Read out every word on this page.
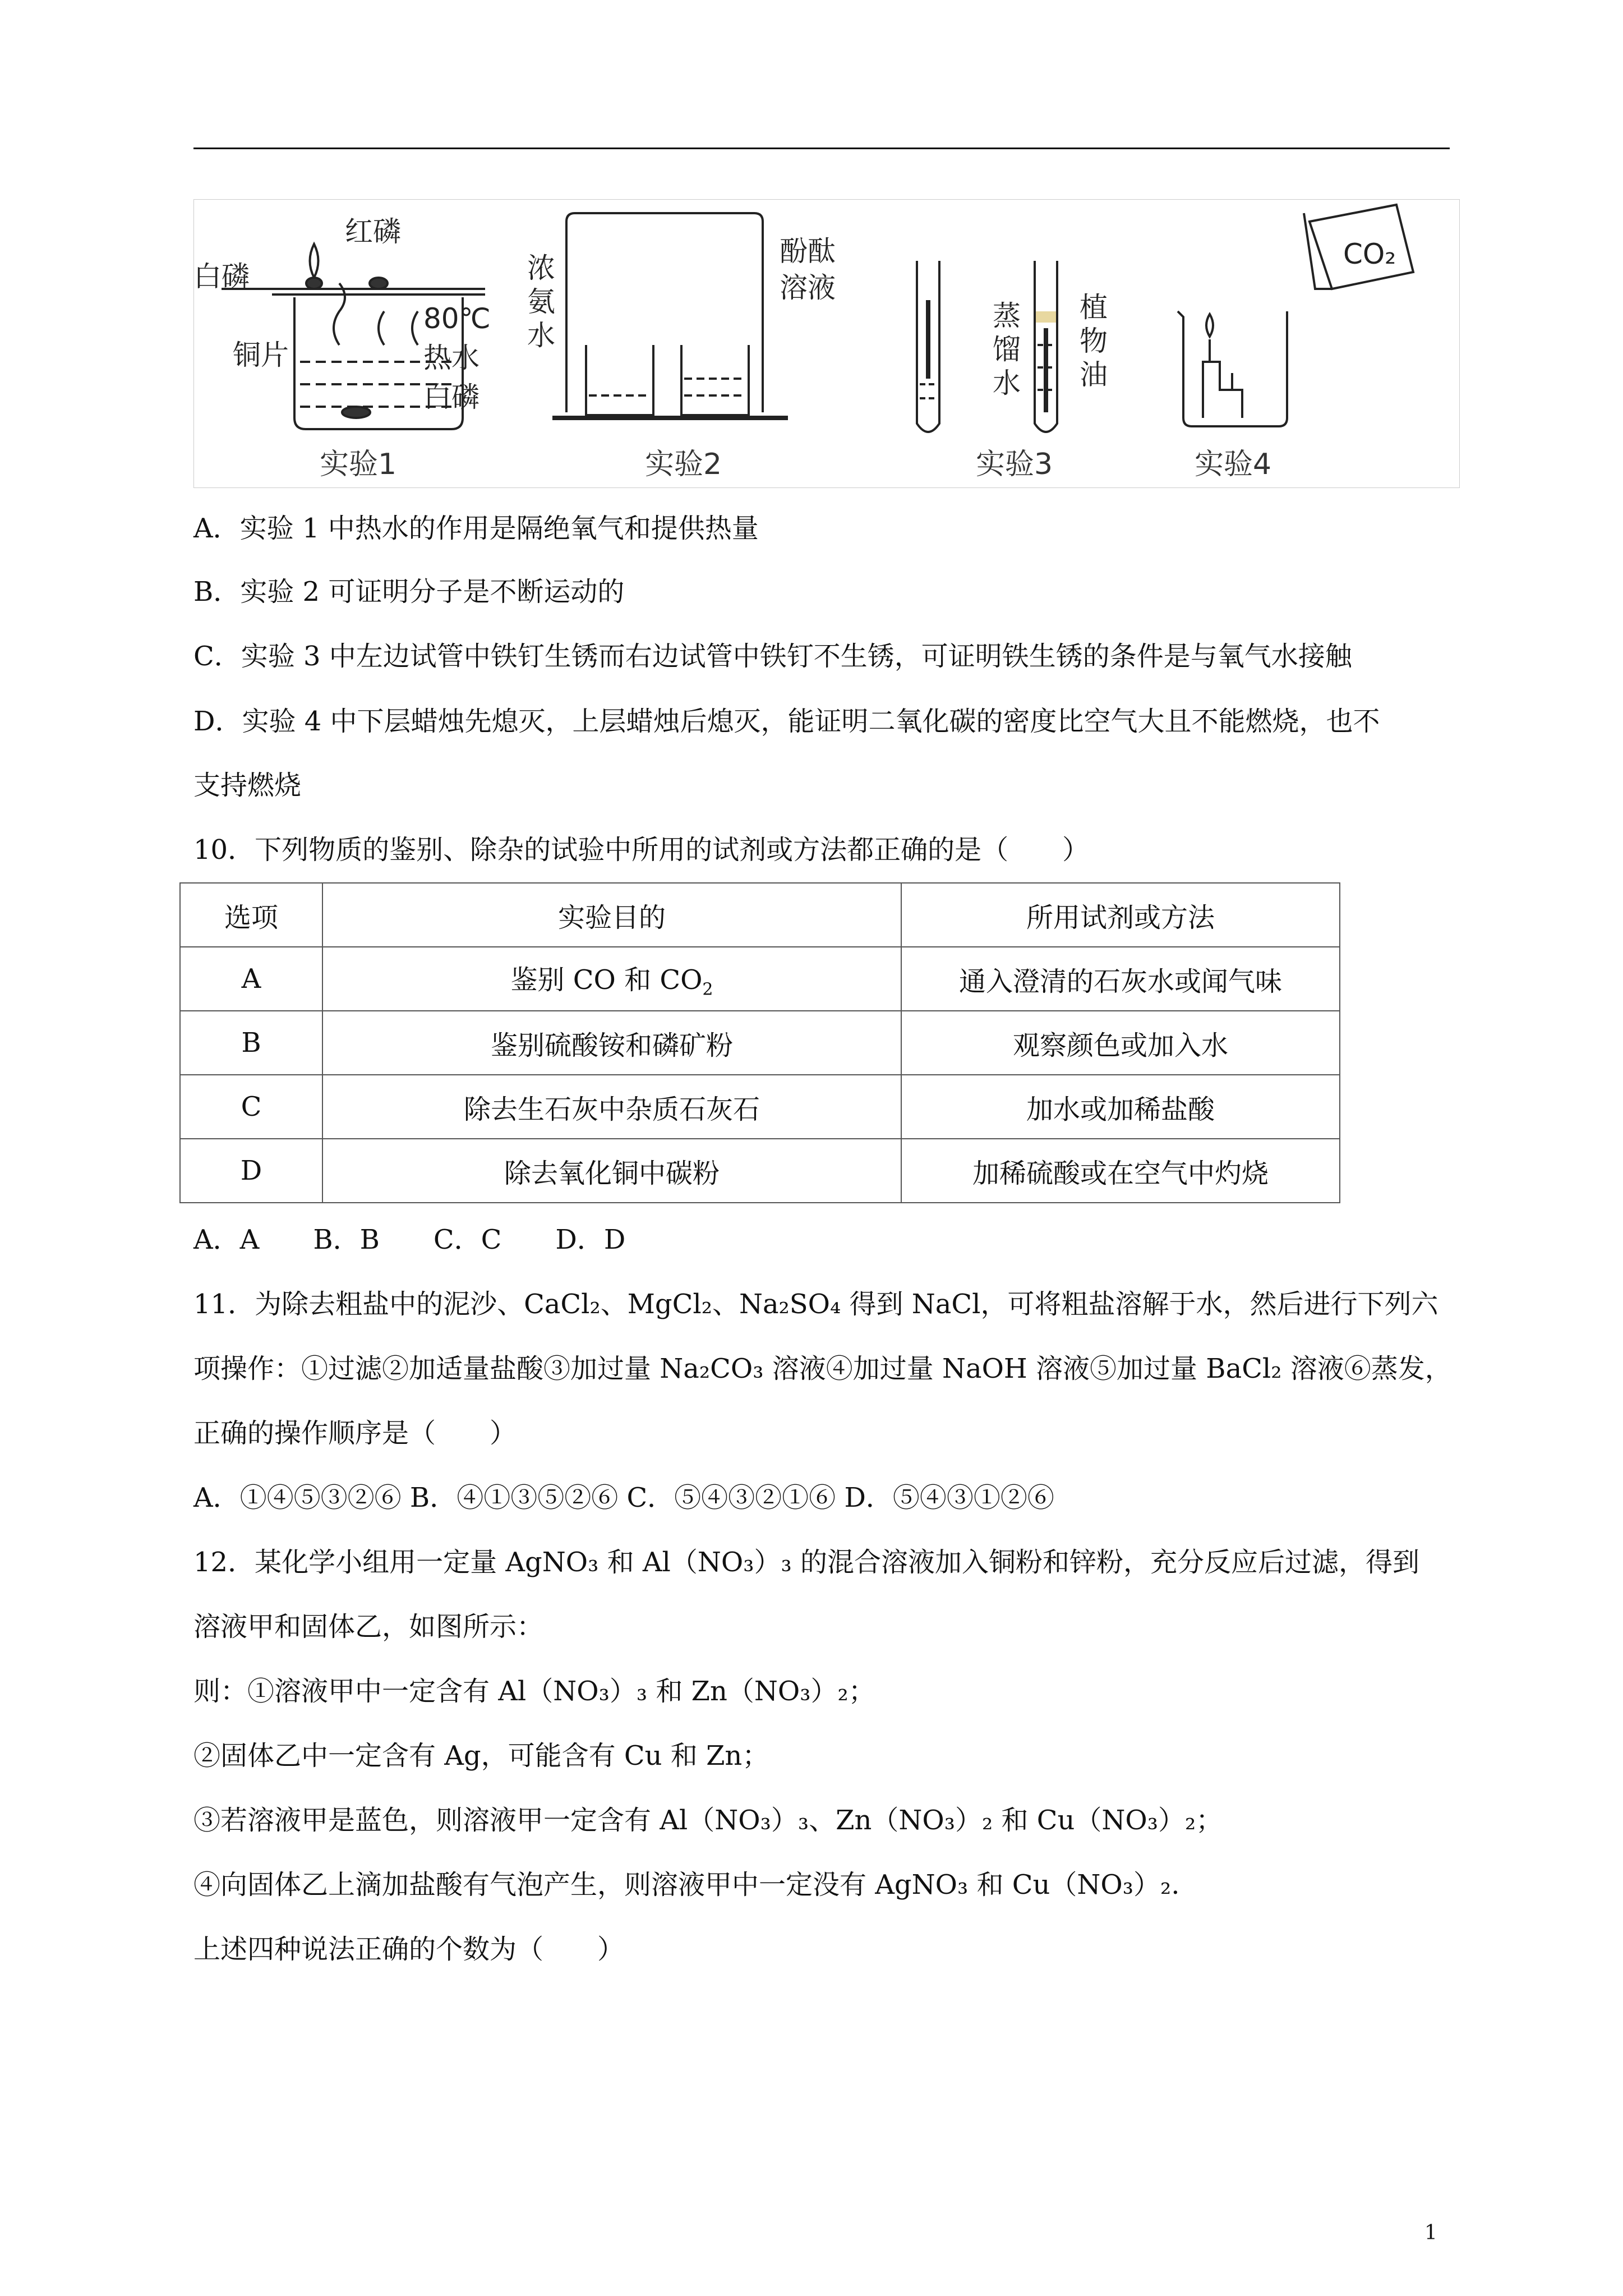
红磷
白磷
80℃
铜片	热水
白磷
实验1
浓
氨
水
酚酞
溶液
实验2
蒸
馏
水
植
物
油
实验3
CO₂
实验4
A．实验 1 中热水的作用是隔绝氧气和提供热量
B．实验 2 可证明分子是不断运动的
C．实验 3 中左边试管中铁钉生锈而右边试管中铁钉不生锈，可证明铁生锈的条件是与氧气水接触
D．实验 4 中下层蜡烛先熄灭，上层蜡烛后熄灭，能证明二氧化碳的密度比空气大且不能燃烧，也不
支持燃烧
10．下列物质的鉴别、除杂的试验中所用的试剂或方法都正确的是（　　）
选项	实验目的	所用试剂或方法
A	鉴别 CO 和 $CO_2$	通入澄清的石灰水或闻气味
B	鉴别硫酸铵和磷矿粉	观察颜色或加入水
C	除去生石灰中杂质石灰石	加水或加稀盐酸
D	除去氧化铜中碳粉	加稀硫酸或在空气中灼烧
A．A　　B．B　　C．C　　D．D
11．为除去粗盐中的泥沙、CaCl₂、MgCl₂、Na₂SO₄ 得到 NaCl，可将粗盐溶解于水，然后进行下列六
项操作：①过滤②加适量盐酸③加过量 Na₂CO₃ 溶液④加过量 NaOH 溶液⑤加过量 BaCl₂ 溶液⑥蒸发，
正确的操作顺序是（　　）
A．①④⑤③②⑥ B．④①③⑤②⑥ C．⑤④③②①⑥ D．⑤④③①②⑥
12．某化学小组用一定量 AgNO₃ 和 Al（NO₃）₃ 的混合溶液加入铜粉和锌粉，充分反应后过滤，得到
溶液甲和固体乙，如图所示：
则：①溶液甲中一定含有 Al（NO₃）₃ 和 Zn（NO₃）₂；
②固体乙中一定含有 Ag，可能含有 Cu 和 Zn；
③若溶液甲是蓝色，则溶液甲一定含有 Al（NO₃）₃、Zn（NO₃）₂ 和 Cu（NO₃）₂；
④向固体乙上滴加盐酸有气泡产生，则溶液甲中一定没有 AgNO₃ 和 Cu（NO₃）₂.
上述四种说法正确的个数为（　　）
1
